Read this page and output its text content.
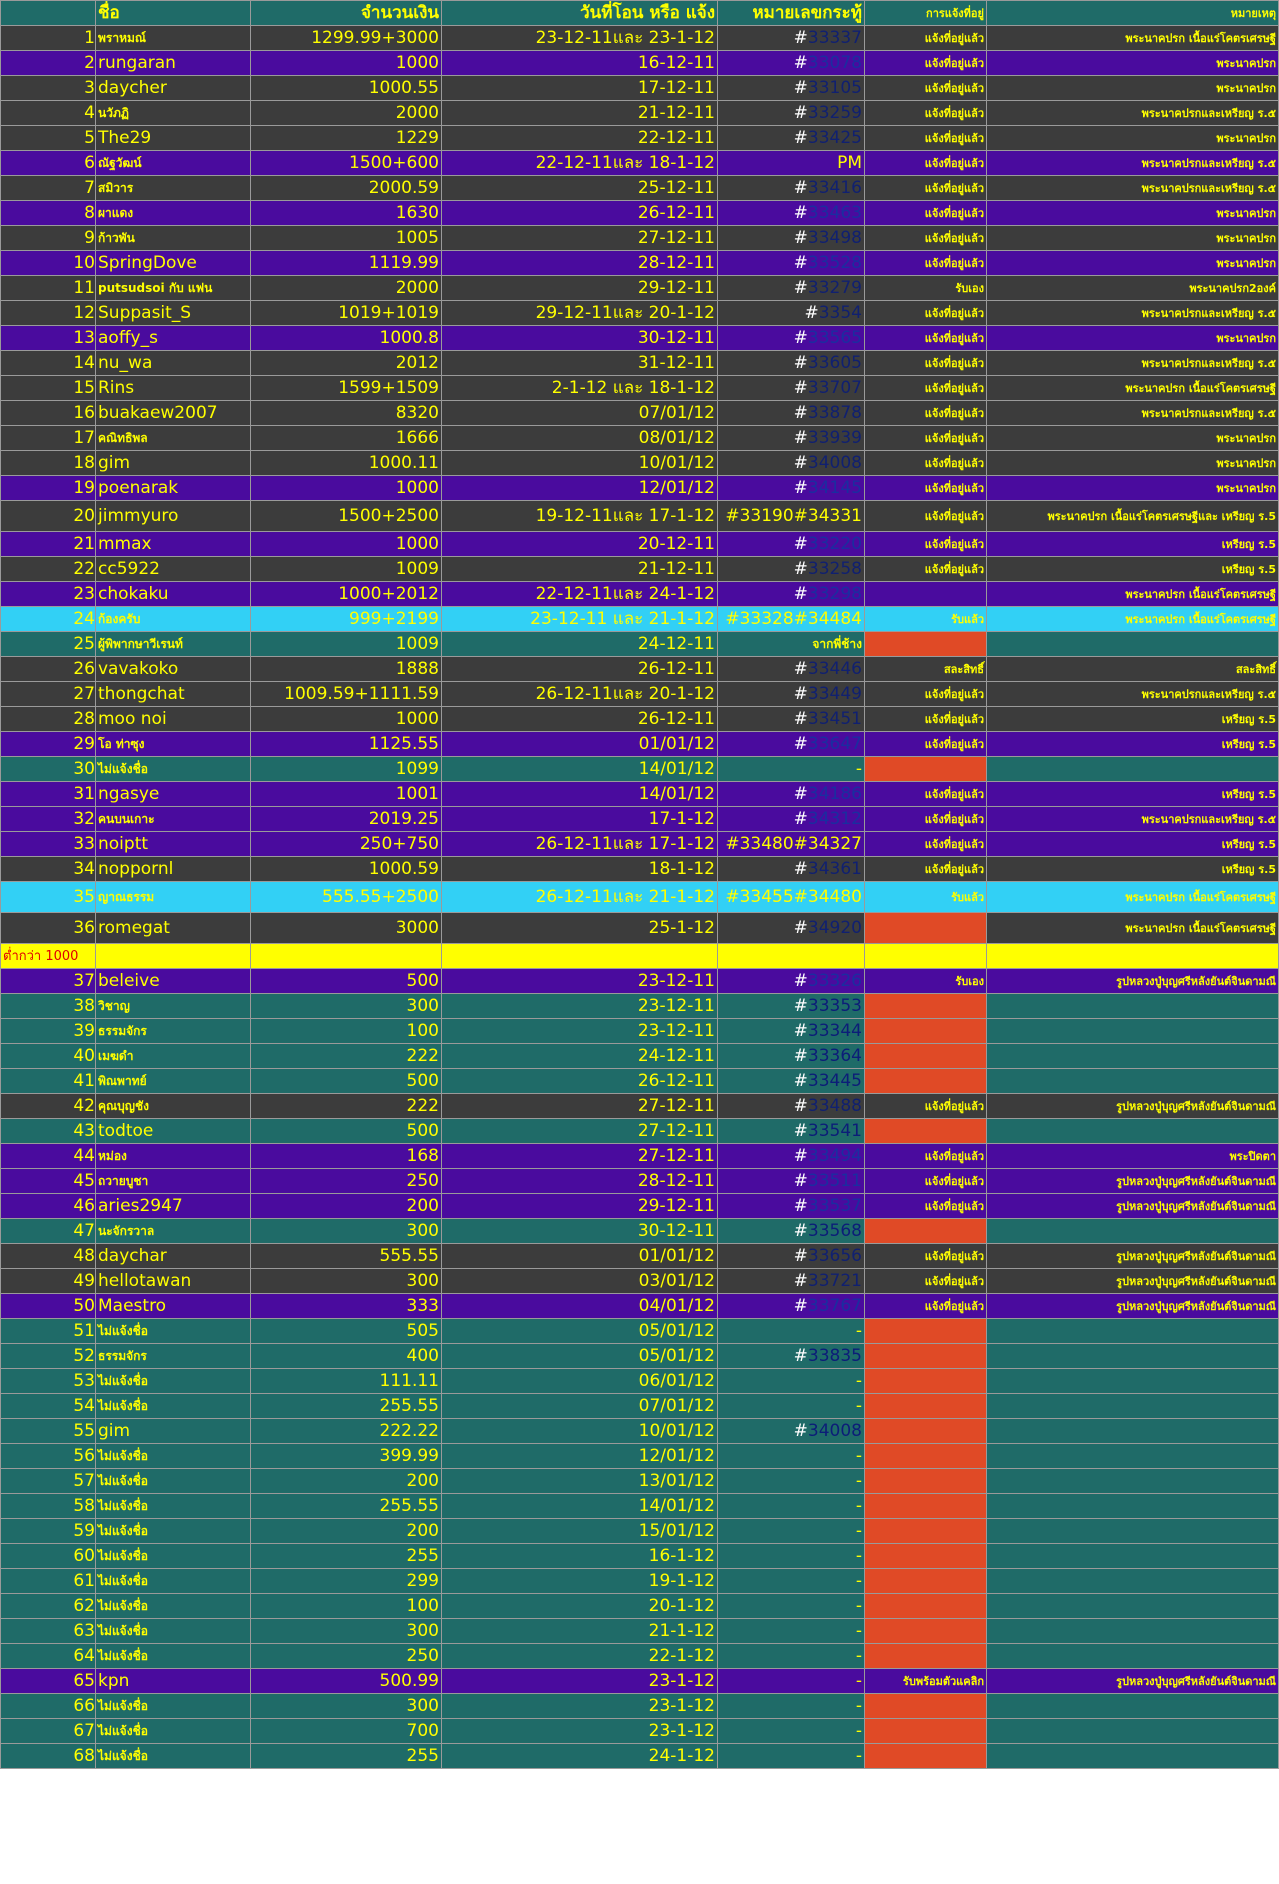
	ชื่อ	จำนวนเงิน	วันที่โอน หรือ แจ้ง	หมายเลขกระทู้	การแจ้งที่อยู่	หมายเหตุ
1	พราหมณ์	1299.99+3000	23-12-11และ 23-1-12	#33337	แจ้งที่อยู่แล้ว	พระนาคปรก เนื้อแร่โคตรเศรษฐี
2	rungaran	1000	16-12-11	#33078	แจ้งที่อยู่แล้ว	พระนาคปรก
3	daycher	1000.55	17-12-11	#33105	แจ้งที่อยู่แล้ว	พระนาคปรก
4	นวัภฏิ	2000	21-12-11	#33259	แจ้งที่อยู่แล้ว	พระนาคปรกและเหรียญ ร.๕
5	The29	1229	22-12-11	#33425	แจ้งที่อยู่แล้ว	พระนาคปรก
6	ณัฐวัฒน์	1500+600	22-12-11และ 18-1-12	PM	แจ้งที่อยู่แล้ว	พระนาคปรกและเหรียญ ร.๕
7	สมิวาร	2000.59	25-12-11	#33416	แจ้งที่อยู่แล้ว	พระนาคปรกและเหรียญ ร.๕
8	ผาแดง	1630	26-12-11	#33463	แจ้งที่อยู่แล้ว	พระนาคปรก
9	ก้าวพัน	1005	27-12-11	#33498	แจ้งที่อยู่แล้ว	พระนาคปรก
10	SpringDove	1119.99	28-12-11	#33528	แจ้งที่อยู่แล้ว	พระนาคปรก
11	putsudsoi กับ แฟน	2000	29-12-11	#33279	รับเอง	พระนาคปรก2องค์
12	Suppasit_S	1019+1019	29-12-11และ 20-1-12	#3354	แจ้งที่อยู่แล้ว	พระนาคปรกและเหรียญ ร.๕
13	aoffy_s	1000.8	30-12-11	#33565	แจ้งที่อยู่แล้ว	พระนาคปรก
14	nu_wa	2012	31-12-11	#33605	แจ้งที่อยู่แล้ว	พระนาคปรกและเหรียญ ร.๕
15	Rins	1599+1509	2-1-12 และ 18-1-12	#33707	แจ้งที่อยู่แล้ว	พระนาคปรก เนื้อแร่โคตรเศรษฐี
16	buakaew2007	8320	07/01/12	#33878	แจ้งที่อยู่แล้ว	พระนาคปรกและเหรียญ ร.๕
17	คณิทธิพล	1666	08/01/12	#33939	แจ้งที่อยู่แล้ว	พระนาคปรก
18	gim	1000.11	10/01/12	#34008	แจ้งที่อยู่แล้ว	พระนาคปรก
19	poenarak	1000	12/01/12	#34145	แจ้งที่อยู่แล้ว	พระนาคปรก
20	jimmyuro	1500+2500	19-12-11และ 17-1-12	#33190#34331	แจ้งที่อยู่แล้ว	พระนาคปรก เนื้อแร่โคตรเศรษฐีและ เหรียญ ร.5
21	mmax	1000	20-12-11	#33220	แจ้งที่อยู่แล้ว	เหรียญ ร.5
22	cc5922	1009	21-12-11	#33258	แจ้งที่อยู่แล้ว	เหรียญ ร.5
23	chokaku	1000+2012	22-12-11และ 24-1-12	#33298		พระนาคปรก เนื้อแร่โคตรเศรษฐี
24	ก้องครับ	999+2199	23-12-11 และ 21-1-12	#33328#34484	รับแล้ว	พระนาคปรก เนื้อแร่โคตรเศรษฐี
25	ผู้พิพากษาวีเรนท์	1009	24-12-11	จากพี่ช้าง		
26	vavakoko	1888	26-12-11	#33446	สละสิทธิ์	สละสิทธิ์
27	thongchat	1009.59+1111.59	26-12-11และ 20-1-12	#33449	แจ้งที่อยู่แล้ว	พระนาคปรกและเหรียญ ร.๕
28	moo noi	1000	26-12-11	#33451	แจ้งที่อยู่แล้ว	เหรียญ ร.5
29	โอ ท่าซุง	1125.55	01/01/12	#33647	แจ้งที่อยู่แล้ว	เหรียญ ร.5
30	ไม่แจ้งชื่อ	1099	14/01/12	-		
31	ngasye	1001	14/01/12	#34186	แจ้งที่อยู่แล้ว	เหรียญ ร.5
32	คนบนเกาะ	2019.25	17-1-12	#34312	แจ้งที่อยู่แล้ว	พระนาคปรกและเหรียญ ร.๕
33	noiptt	250+750	26-12-11และ 17-1-12	#33480#34327	แจ้งที่อยู่แล้ว	เหรียญ ร.5
34	noppornl	1000.59	18-1-12	#34361	แจ้งที่อยู่แล้ว	เหรียญ ร.5
35	ญาณธรรม	555.55+2500	26-12-11และ 21-1-12	#33455#34480	รับแล้ว	พระนาคปรก เนื้อแร่โคตรเศรษฐี
36	romegat	3000	25-1-12	#34920		พระนาคปรก เนื้อแร่โคตรเศรษฐี
ต่ำกว่า 1000						
37	beleive	500	23-12-11	#33326	รับเอง	รูปหลวงปู่บุญศรีหลังยันต์จินดามณี
38	วิชาญ	300	23-12-11	#33353		
39	ธรรมจักร	100	23-12-11	#33344		
40	เมฆดำ	222	24-12-11	#33364		
41	พิณพาทย์	500	26-12-11	#33445		
42	คุณบุญชัง	222	27-12-11	#33488	แจ้งที่อยู่แล้ว	รูปหลวงปู่บุญศรีหลังยันต์จินดามณี
43	todtoe	500	27-12-11	#33541		
44	หม่อง	168	27-12-11	#33494	แจ้งที่อยู่แล้ว	พระปิดตา
45	ถวายบูชา	250	28-12-11	#33511	แจ้งที่อยู่แล้ว	รูปหลวงปู่บุญศรีหลังยันต์จินดามณี
46	aries2947	200	29-12-11	#33537	แจ้งที่อยู่แล้ว	รูปหลวงปู่บุญศรีหลังยันต์จินดามณี
47	นะจักรวาล	300	30-12-11	#33568		
48	daychar	555.55	01/01/12	#33656	แจ้งที่อยู่แล้ว	รูปหลวงปู่บุญศรีหลังยันต์จินดามณี
49	hellotawan	300	03/01/12	#33721	แจ้งที่อยู่แล้ว	รูปหลวงปู่บุญศรีหลังยันต์จินดามณี
50	Maestro	333	04/01/12	#33767	แจ้งที่อยู่แล้ว	รูปหลวงปู่บุญศรีหลังยันต์จินดามณี
51	ไม่แจ้งชื่อ	505	05/01/12	-		
52	ธรรมจักร	400	05/01/12	#33835		
53	ไม่แจ้งชื่อ	111.11	06/01/12	-		
54	ไม่แจ้งชื่อ	255.55	07/01/12	-		
55	gim	222.22	10/01/12	#34008		
56	ไม่แจ้งชื่อ	399.99	12/01/12	-		
57	ไม่แจ้งชื่อ	200	13/01/12	-		
58	ไม่แจ้งชื่อ	255.55	14/01/12	-		
59	ไม่แจ้งชื่อ	200	15/01/12	-		
60	ไม่แจ้งชื่อ	255	16-1-12	-		
61	ไม่แจ้งชื่อ	299	19-1-12	-		
62	ไม่แจ้งชื่อ	100	20-1-12	-		
63	ไม่แจ้งชื่อ	300	21-1-12	-		
64	ไม่แจ้งชื่อ	250	22-1-12	-		
65	kpn	500.99	23-1-12	-	รับพร้อมตัวแคลิก	รูปหลวงปู่บุญศรีหลังยันต์จินดามณี
66	ไม่แจ้งชื่อ	300	23-1-12	-		
67	ไม่แจ้งชื่อ	700	23-1-12	-		
68	ไม่แจ้งชื่อ	255	24-1-12	-		
